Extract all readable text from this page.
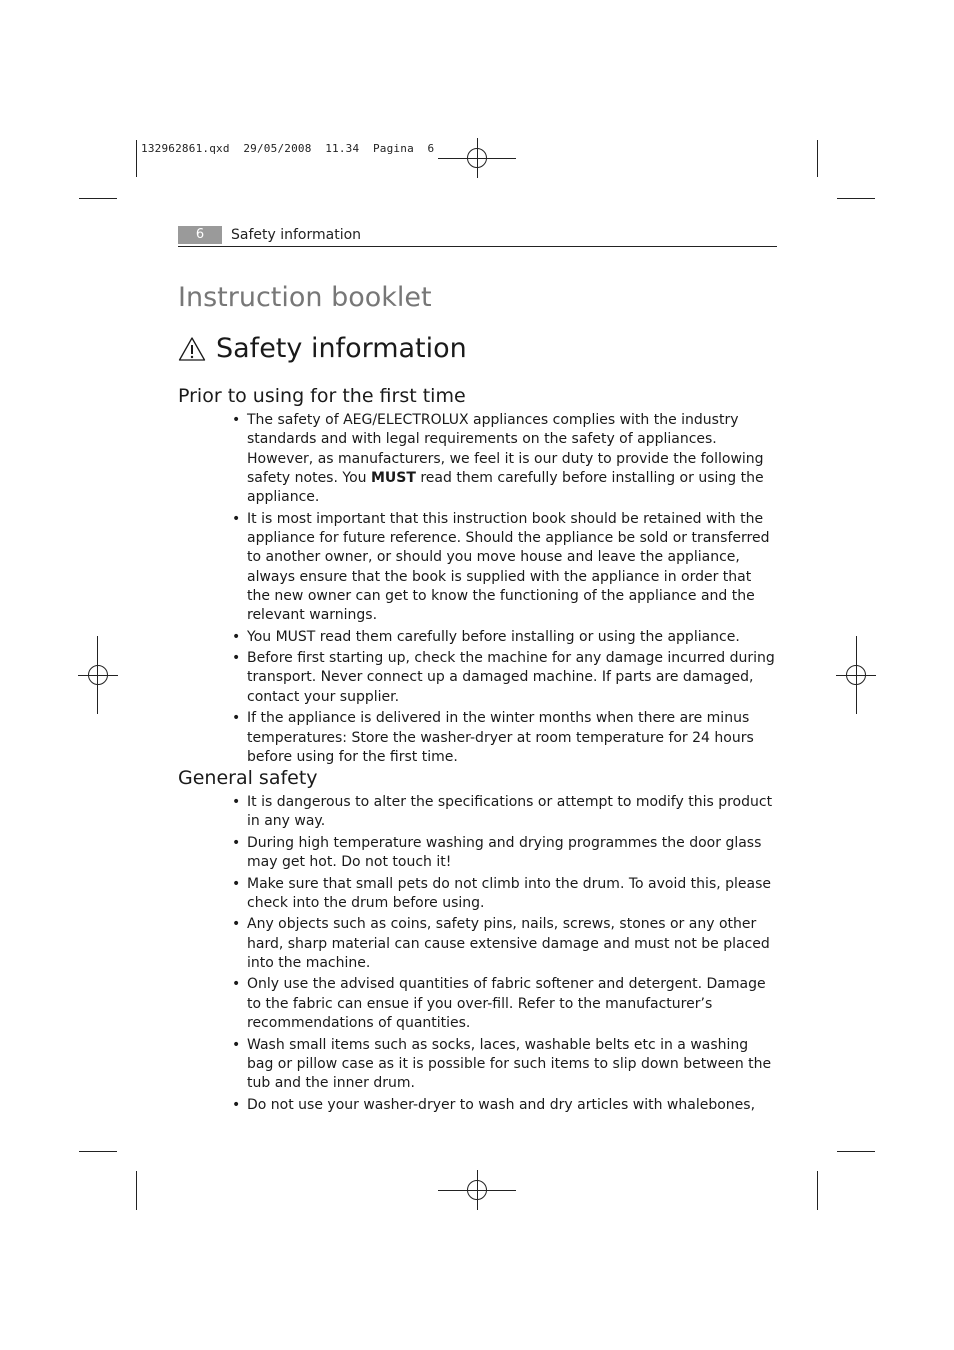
132962861.qxd  29/05/2008  11.34  Pagina  6
6	Safety information
Instruction booklet
Safety information
Prior to using for the first time
• The safety of AEG/ELECTROLUX appliances complies with the industry standards and with legal requirements on the safety of appliances. However, as manufacturers, we feel it is our duty to provide the following safety notes. You MUST read them carefully before installing or using the appliance.
• It is most important that this instruction book should be retained with the appliance for future reference. Should the appliance be sold or transferred to another owner, or should you move house and leave the appliance, always ensure that the book is supplied with the appliance in order that the new owner can get to know the functioning of the appliance and the relevant warnings.
• You MUST read them carefully before installing or using the appliance.
• Before first starting up, check the machine for any damage incurred during transport. Never connect up a damaged machine. If parts are damaged, contact your supplier.
• If the appliance is delivered in the winter months when there are minus temperatures: Store the washer-dryer at room temperature for 24 hours before using for the first time.
General safety
• It is dangerous to alter the specifications or attempt to modify this product in any way.
• During high temperature washing and drying programmes the door glass may get hot. Do not touch it!
• Make sure that small pets do not climb into the drum. To avoid this, please check into the drum before using.
• Any objects such as coins, safety pins, nails, screws, stones or any other hard, sharp material can cause extensive damage and must not be placed into the machine.
• Only use the advised quantities of fabric softener and detergent. Damage to the fabric can ensue if you over-fill. Refer to the manufacturer’s recommendations of quantities.
• Wash small items such as socks, laces, washable belts etc in a washing bag or pillow case as it is possible for such items to slip down between the tub and the inner drum.
• Do not use your washer-dryer to wash and dry articles with whalebones,
